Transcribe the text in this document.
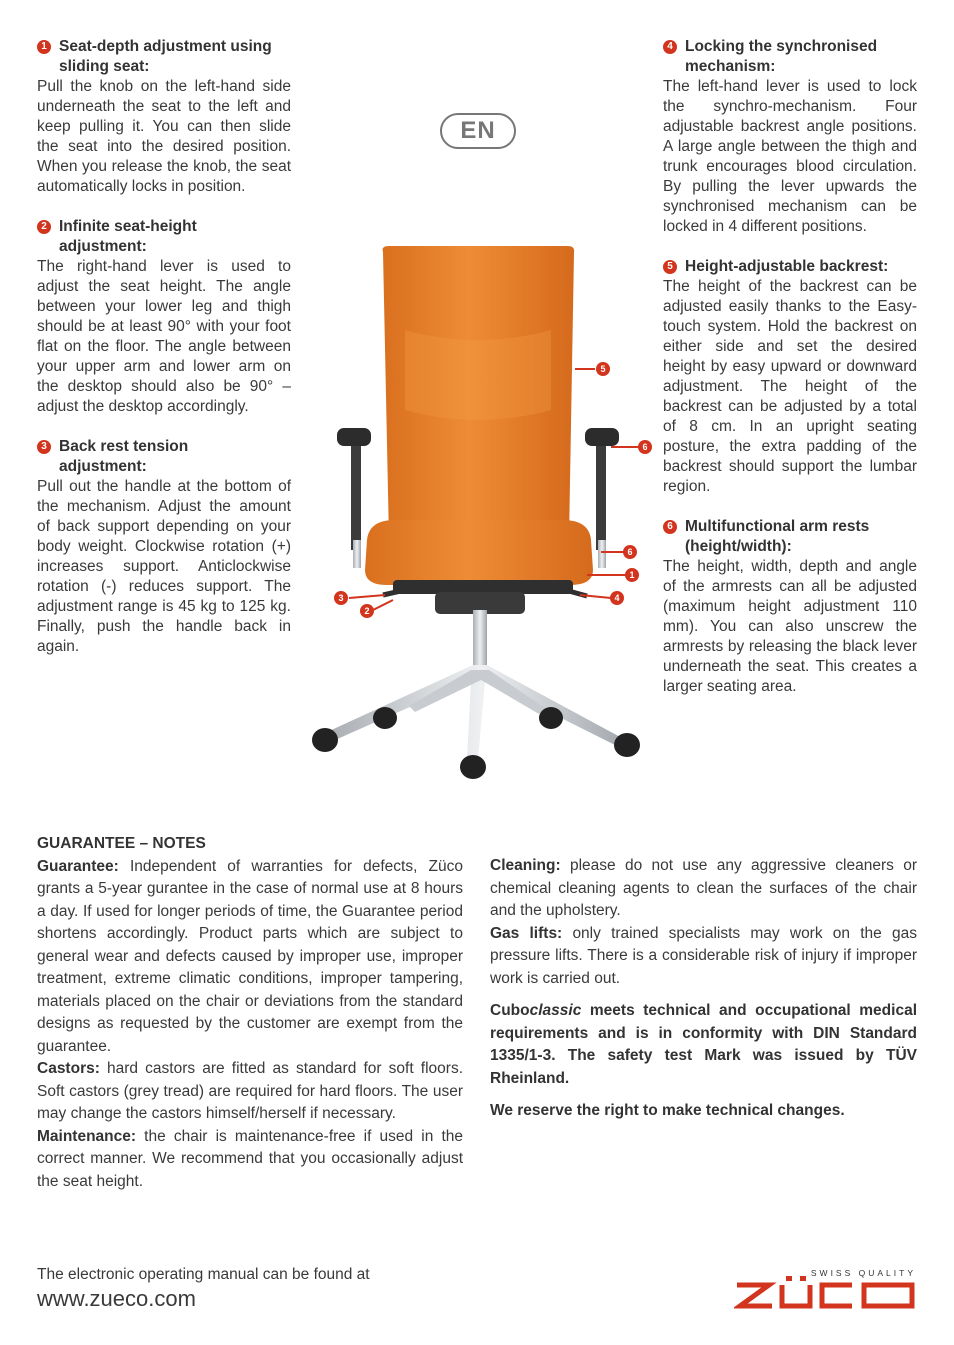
1 Seat-depth adjustment using
sliding seat:

Pull the knob on the left-hand side underneath the seat to the left and keep pulling it. You can then slide the seat into the desired position. When you release the knob, the seat automatically locks in position.

2 Infinite seat-height
adjustment:

The right-hand lever is used to adjust the seat height. The angle between your lower leg and thigh should be at least 90° with your foot flat on the floor. The angle between your upper arm and lower arm on the desktop should also be 90° – adjust the desktop accordingly.

3 Back rest tension
adjustment:

Pull out the handle at the bottom of the mechanism. Adjust the amount of back support depending on your body weight. Clockwise rotation (+) increases support. Anticlockwise rotation (-) reduces support. The adjustment range is 45 kg to 125 kg. Finally, push the handle back in again.

EN
5
6
6
1
4
3
2
4 Locking the synchronised
mechanism:

The left-hand lever is used to lock the synchro-mechanism. Four adjustable backrest angle positions. A large angle between the thigh and trunk encourages blood circulation. By pulling the lever upwards the synchronised mechanism can be locked in 4 different positions.

5 Height-adjustable backrest:

The height of the backrest can be adjusted easily thanks to the Easy-touch system. Hold the backrest on either side and set the desired height by easy upward or downward adjustment. The height of the backrest can be adjusted by a total of 8 cm. In an upright seating posture, the extra padding of the backrest should support the lumbar region.

6 Multifunctional arm rests
(height/width):

The height, width, depth and angle of the armrests can all be adjusted (maximum height adjustment 110 mm). You can also unscrew the armrests by releasing the black lever underneath the seat. This creates a larger seating area.

GUARANTEE – NOTES

Guarantee: Independent of warranties for defects, Züco grants a 5-year gurantee in the case of normal use at 8 hours a day. If used for longer periods of time, the Guarantee period shortens accordingly. Product parts which are subject to general wear and defects caused by improper use, improper treatment, extreme climatic conditions, improper tampering, materials placed on the chair or deviations from the standard designs as requested by the customer are exempt from the guarantee.

Castors: hard castors are fitted as standard for soft floors. Soft castors (grey tread) are required for hard floors. The user may change the castors himself/herself if necessary.

Maintenance: the chair is maintenance-free if used in the correct manner. We recommend that you occasionally adjust the seat height.

Cleaning: please do not use any aggressive cleaners or chemical cleaning agents to clean the surfaces of the chair and the upholstery.

Gas lifts: only trained specialists may work on the gas pressure lifts. There is a considerable risk of injury if improper work is carried out.

Cuboclassic meets technical and occupational medical requirements and is in conformity with DIN Standard 1335/1-3. The safety test Mark was issued by TÜV Rheinland.

We reserve the right to make technical changes.

The electronic operating manual can be found at
www.zueco.com
SWISS QUALITY
